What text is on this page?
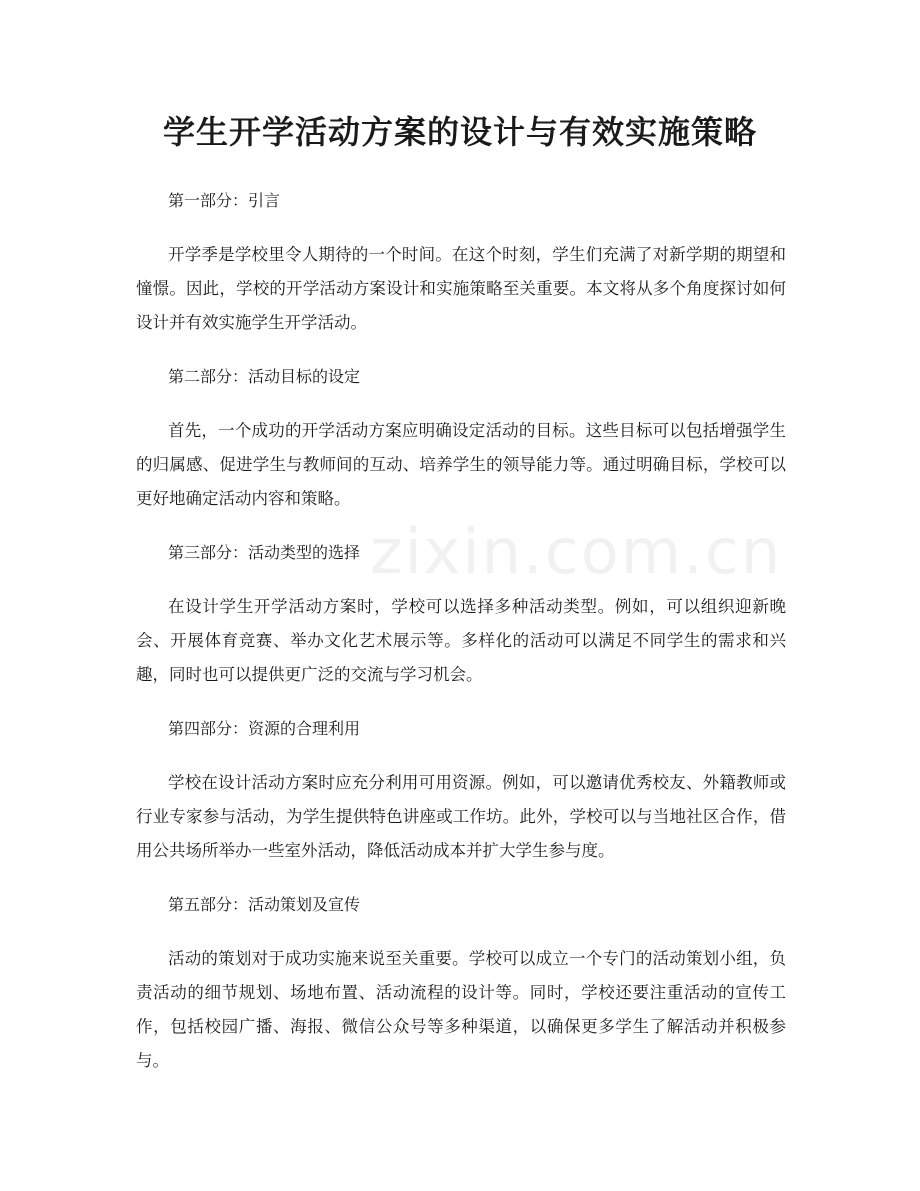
学生开学活动方案的设计与有效实施策略

第一部分：引言

开学季是学校里令人期待的一个时间。在这个时刻，学生们充满了对新学期的期望和憧憬。因此，学校的开学活动方案设计和实施策略至关重要。本文将从多个角度探讨如何设计并有效实施学生开学活动。

第二部分：活动目标的设定

首先，一个成功的开学活动方案应明确设定活动的目标。这些目标可以包括增强学生的归属感、促进学生与教师间的互动、培养学生的领导能力等。通过明确目标，学校可以更好地确定活动内容和策略。

第三部分：活动类型的选择

在设计学生开学活动方案时，学校可以选择多种活动类型。例如，可以组织迎新晚会、开展体育竞赛、举办文化艺术展示等。多样化的活动可以满足不同学生的需求和兴趣，同时也可以提供更广泛的交流与学习机会。

第四部分：资源的合理利用

学校在设计活动方案时应充分利用可用资源。例如，可以邀请优秀校友、外籍教师或行业专家参与活动，为学生提供特色讲座或工作坊。此外，学校可以与当地社区合作，借用公共场所举办一些室外活动，降低活动成本并扩大学生参与度。

第五部分：活动策划及宣传

活动的策划对于成功实施来说至关重要。学校可以成立一个专门的活动策划小组，负责活动的细节规划、场地布置、活动流程的设计等。同时，学校还要注重活动的宣传工作，包括校园广播、海报、微信公众号等多种渠道，以确保更多学生了解活动并积极参与。

zixin.com.cn
